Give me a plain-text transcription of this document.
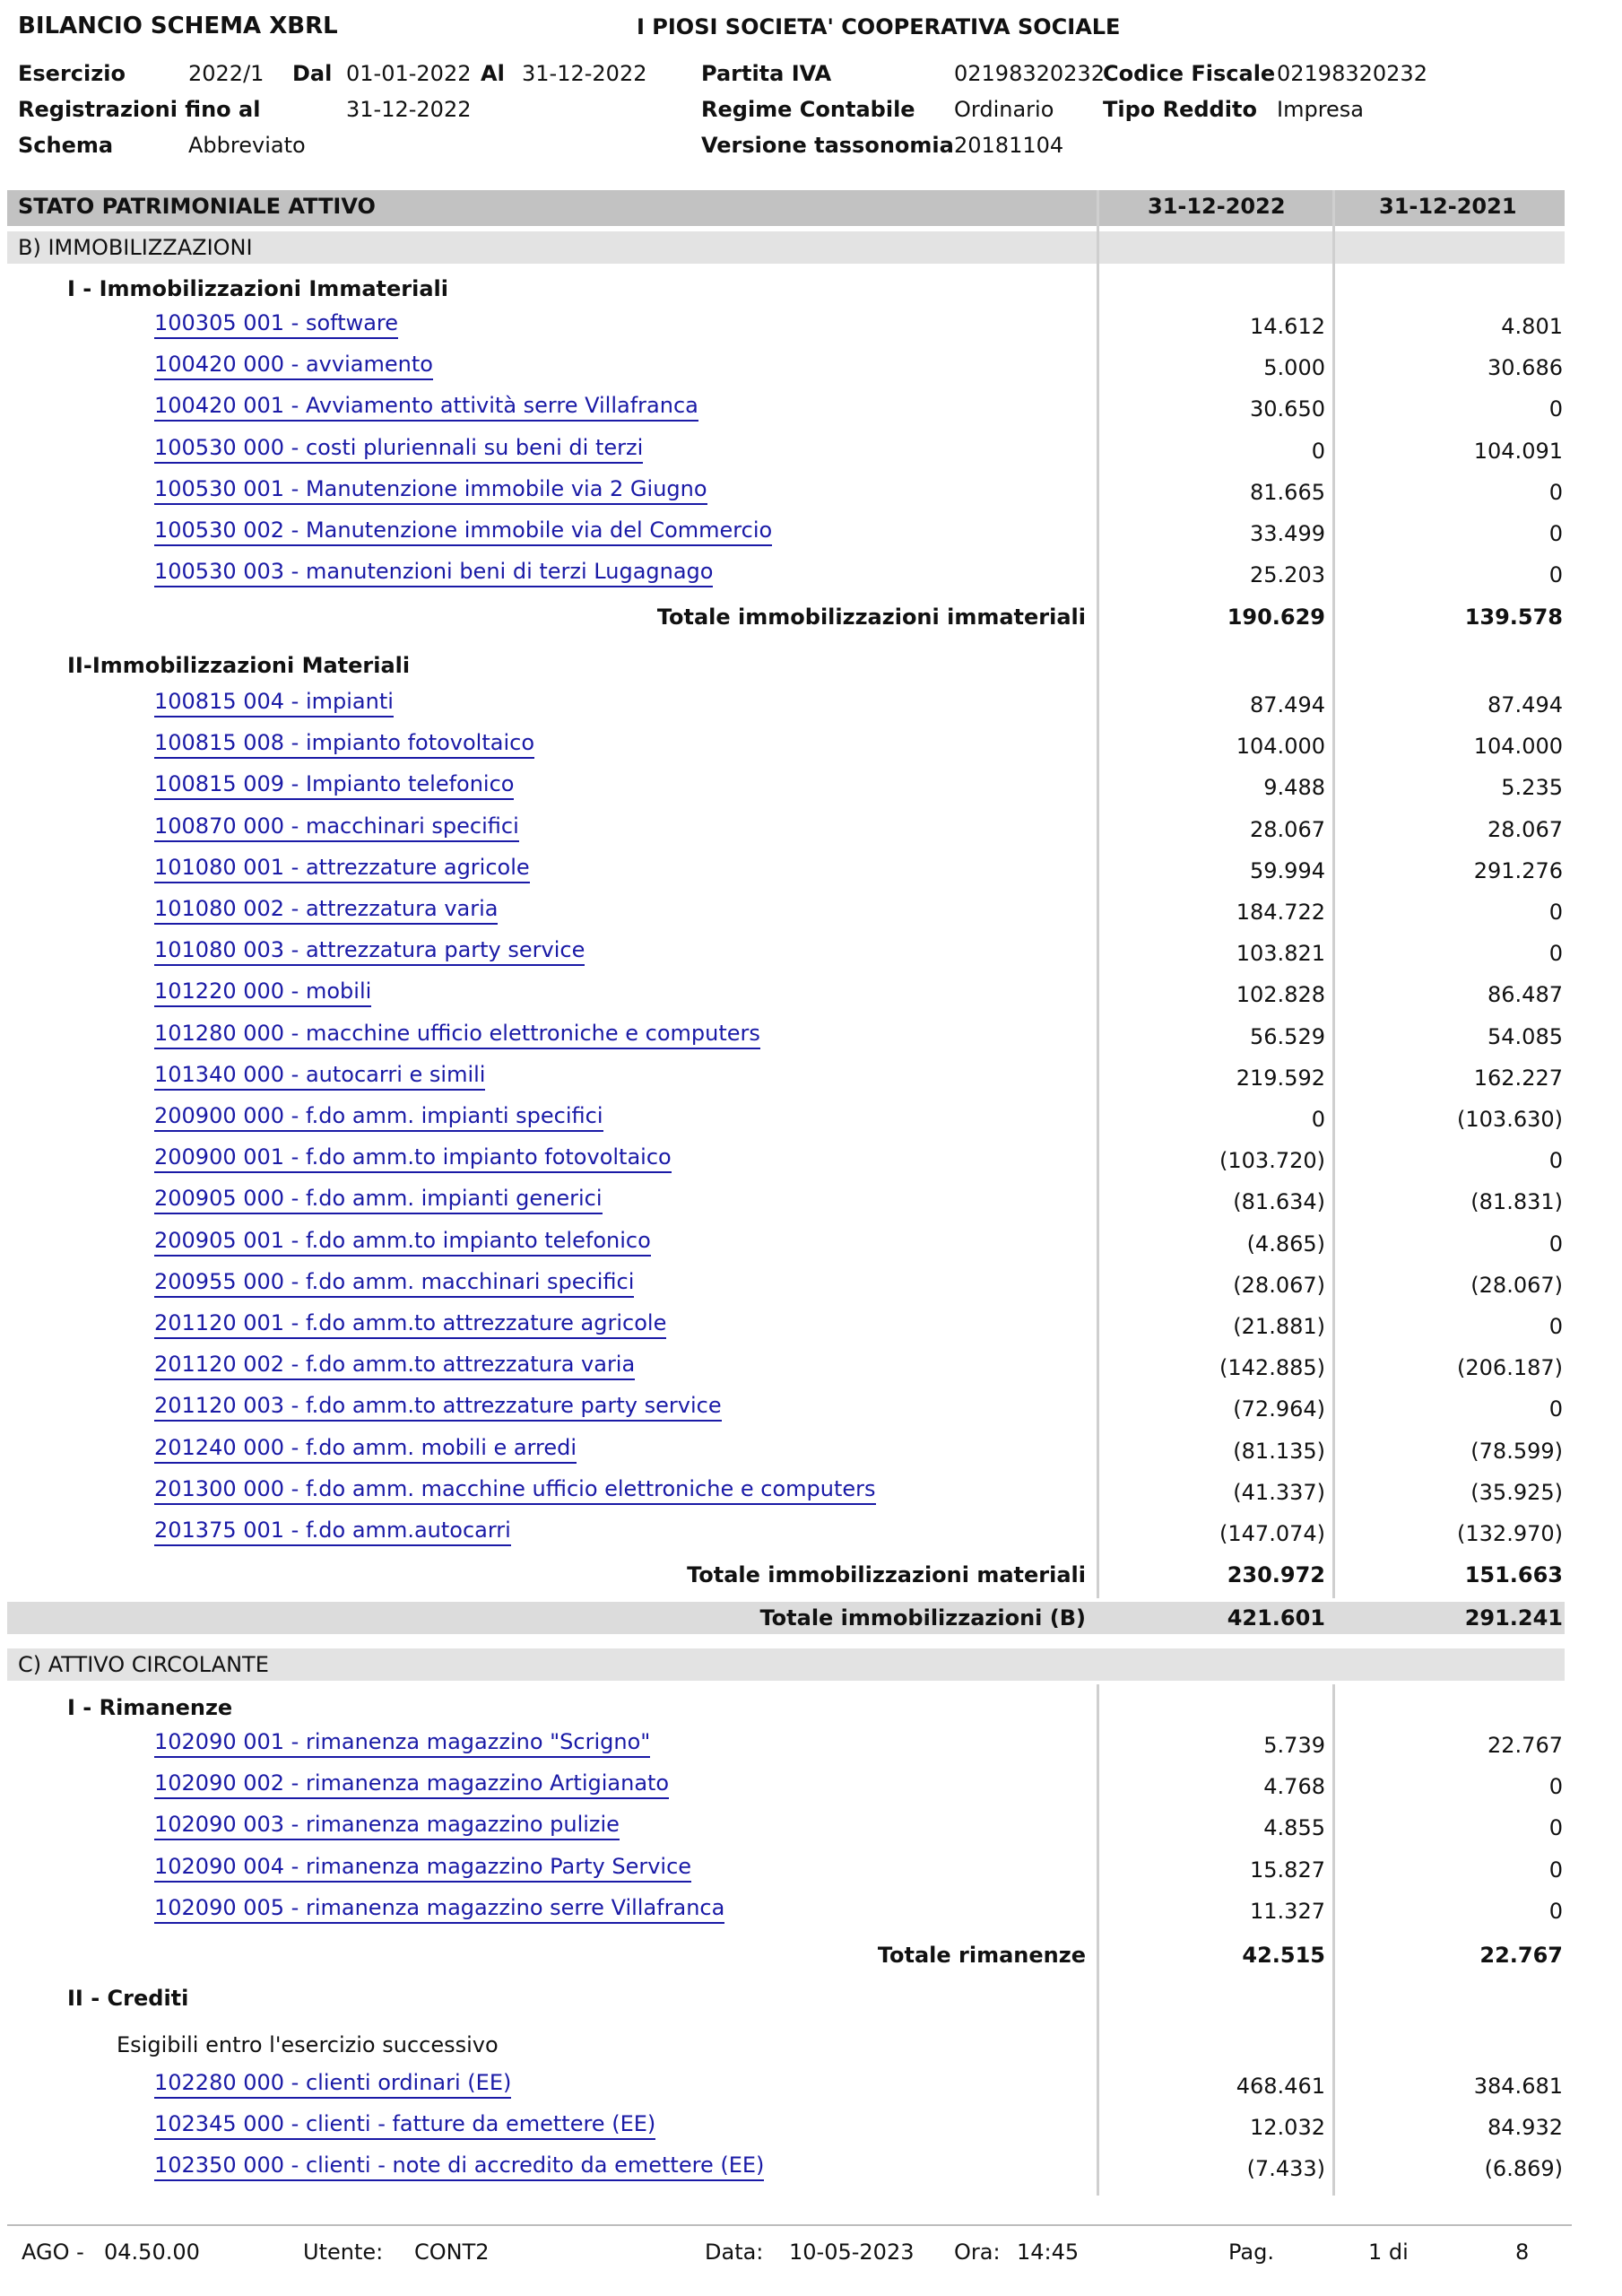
BILANCIO SCHEMA XBRL	I PIOSI SOCIETA' COOPERATIVA SOCIALE
Esercizio	2022/1 Dal 01-01-2022 Al 31-12-2022	Partita IVA	02198320232
Codice Fiscale 02198320232
Registrazioni fino al	31-12-2022	Regime Contabile Ordinario Tipo Reddito Impresa
Schema	Abbreviato	Versione tassonomia 20181104
STATO PATRIMONIALE ATTIVO	31-12-2022	31-12-2021
B) IMMOBILIZZAZIONI
I - Immobilizzazioni Immateriali
100305 001 - software	14.612	4.801
100420 000 - avviamento	5.000	30.686
100420 001 - Avviamento attività serre Villafranca	30.650	0
100530 000 - costi pluriennali su beni di terzi	0	104.091
100530 001 - Manutenzione immobile via 2 Giugno	81.665	0
100530 002 - Manutenzione immobile via del Commercio	33.499	0
100530 003 - manutenzioni beni di terzi Lugagnago	25.203	0
Totale immobilizzazioni immateriali	190.629	139.578
II-Immobilizzazioni Materiali
100815 004 - impianti	87.494	87.494
100815 008 - impianto fotovoltaico	104.000	104.000
100815 009 - Impianto telefonico	9.488	5.235
100870 000 - macchinari specifici	28.067	28.067
101080 001 - attrezzature agricole	59.994	291.276
101080 002 - attrezzatura varia	184.722	0
101080 003 - attrezzatura party service	103.821	0
101220 000 - mobili	102.828	86.487
101280 000 - macchine ufficio elettroniche e computers	56.529	54.085
101340 000 - autocarri e simili	219.592	162.227
200900 000 - f.do amm. impianti specifici	0	(103.630)
200900 001 - f.do amm.to impianto fotovoltaico	(103.720)	0
200905 000 - f.do amm. impianti generici	(81.634)	(81.831)
200905 001 - f.do amm.to impianto telefonico	(4.865)	0
200955 000 - f.do amm. macchinari specifici	(28.067)	(28.067)
201120 001 - f.do amm.to attrezzature agricole	(21.881)	0
201120 002 - f.do amm.to attrezzatura varia	(142.885)	(206.187)
201120 003 - f.do amm.to attrezzature party service	(72.964)	0
201240 000 - f.do amm. mobili e arredi	(81.135)	(78.599)
201300 000 - f.do amm. macchine ufficio elettroniche e computers	(41.337)	(35.925)
201375 001 - f.do amm.autocarri	(147.074)	(132.970)
Totale immobilizzazioni materiali	230.972	151.663
Totale immobilizzazioni (B)	421.601	291.241
C) ATTIVO CIRCOLANTE
I - Rimanenze
102090 001 - rimanenza magazzino "Scrigno"	5.739	22.767
102090 002 - rimanenza magazzino Artigianato	4.768	0
102090 003 - rimanenza magazzino pulizie	4.855	0
102090 004 - rimanenza magazzino Party Service	15.827	0
102090 005 - rimanenza magazzino serre Villafranca	11.327	0
Totale rimanenze	42.515	22.767
II - Crediti
Esigibili entro l'esercizio successivo
102280 000 - clienti ordinari (EE)	468.461	384.681
102345 000 - clienti - fatture da emettere (EE)	12.032	84.932
102350 000 - clienti - note di accredito da emettere (EE)	(7.433)	(6.869)
AGO - 04.50.00	Utente: CONT2	Data: 10-05-2023 Ora: 14:45	Pag.	1 di	8
